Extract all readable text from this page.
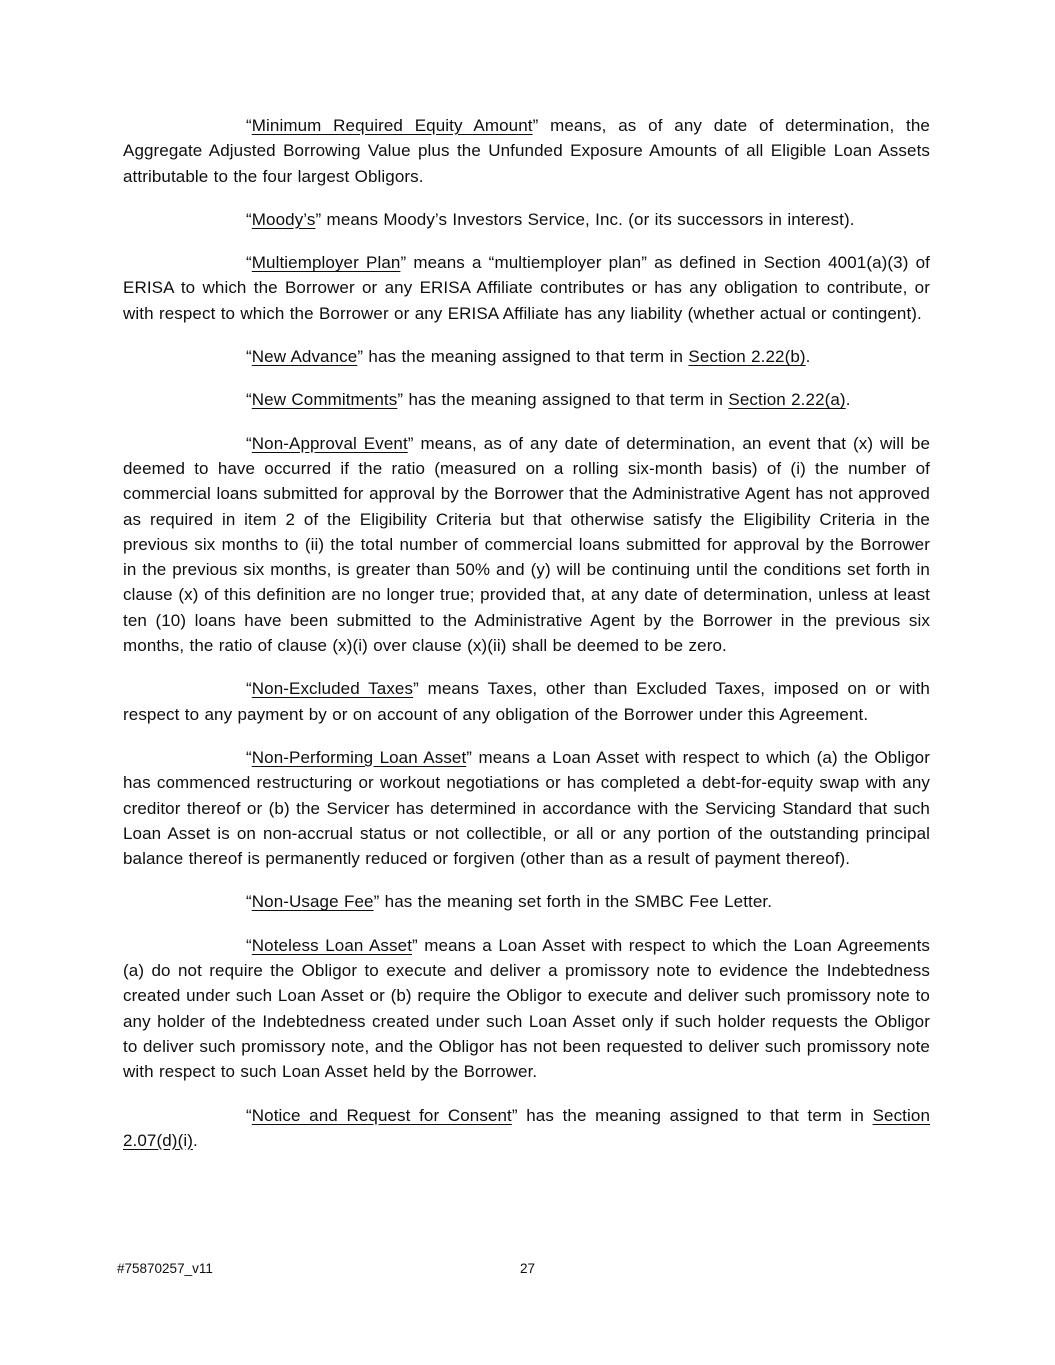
“Minimum Required Equity Amount” means, as of any date of determination, the Aggregate Adjusted Borrowing Value plus the Unfunded Exposure Amounts of all Eligible Loan Assets attributable to the four largest Obligors.

“Moody’s” means Moody’s Investors Service, Inc. (or its successors in interest).

“Multiemployer Plan” means a “multiemployer plan” as defined in Section 4001(a)(3) of ERISA to which the Borrower or any ERISA Affiliate contributes or has any obligation to contribute, or with respect to which the Borrower or any ERISA Affiliate has any liability (whether actual or contingent).

“New Advance” has the meaning assigned to that term in Section 2.22(b).

“New Commitments” has the meaning assigned to that term in Section 2.22(a).

“Non-Approval Event” means, as of any date of determination, an event that (x) will be deemed to have occurred if the ratio (measured on a rolling six-month basis) of (i) the number of commercial loans submitted for approval by the Borrower that the Administrative Agent has not approved as required in item 2 of the Eligibility Criteria but that otherwise satisfy the Eligibility Criteria in the previous six months to (ii) the total number of commercial loans submitted for approval by the Borrower in the previous six months, is greater than 50% and (y) will be continuing until the conditions set forth in clause (x) of this definition are no longer true; provided that, at any date of determination, unless at least ten (10) loans have been submitted to the Administrative Agent by the Borrower in the previous six months, the ratio of clause (x)(i) over clause (x)(ii) shall be deemed to be zero.

“Non-Excluded Taxes” means Taxes, other than Excluded Taxes, imposed on or with respect to any payment by or on account of any obligation of the Borrower under this Agreement.

“Non-Performing Loan Asset” means a Loan Asset with respect to which (a) the Obligor has commenced restructuring or workout negotiations or has completed a debt-for-equity swap with any creditor thereof or (b) the Servicer has determined in accordance with the Servicing Standard that such Loan Asset is on non-accrual status or not collectible, or all or any portion of the outstanding principal balance thereof is permanently reduced or forgiven (other than as a result of payment thereof).

“Non-Usage Fee” has the meaning set forth in the SMBC Fee Letter.

“Noteless Loan Asset” means a Loan Asset with respect to which the Loan Agreements (a) do not require the Obligor to execute and deliver a promissory note to evidence the Indebtedness created under such Loan Asset or (b) require the Obligor to execute and deliver such promissory note to any holder of the Indebtedness created under such Loan Asset only if such holder requests the Obligor to deliver such promissory note, and the Obligor has not been requested to deliver such promissory note with respect to such Loan Asset held by the Borrower.

“Notice and Request for Consent” has the meaning assigned to that term in Section 2.07(d)(i).

#75870257_v11	27
